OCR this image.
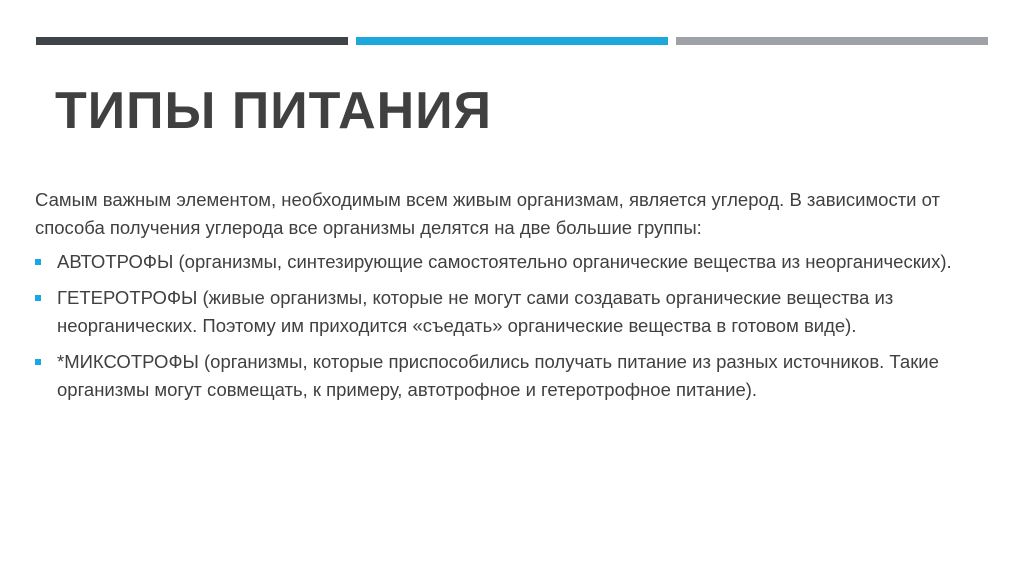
ТИПЫ ПИТАНИЯ

Самым важным элементом, необходимым всем живым организмам, является углерод. В зависимости от способа получения углерода все организмы делятся на две большие группы:

АВТОТРОФЫ (организмы, синтезирующие самостоятельно органические вещества из неорганических).
ГЕТЕРОТРОФЫ (живые организмы, которые не могут сами создавать органические вещества из неорганических. Поэтому им приходится «съедать» органические вещества в готовом виде).
*МИКСОТРОФЫ (организмы, которые приспособились получать питание из разных источников. Такие организмы могут совмещать, к примеру, автотрофное и гетеротрофное питание).
